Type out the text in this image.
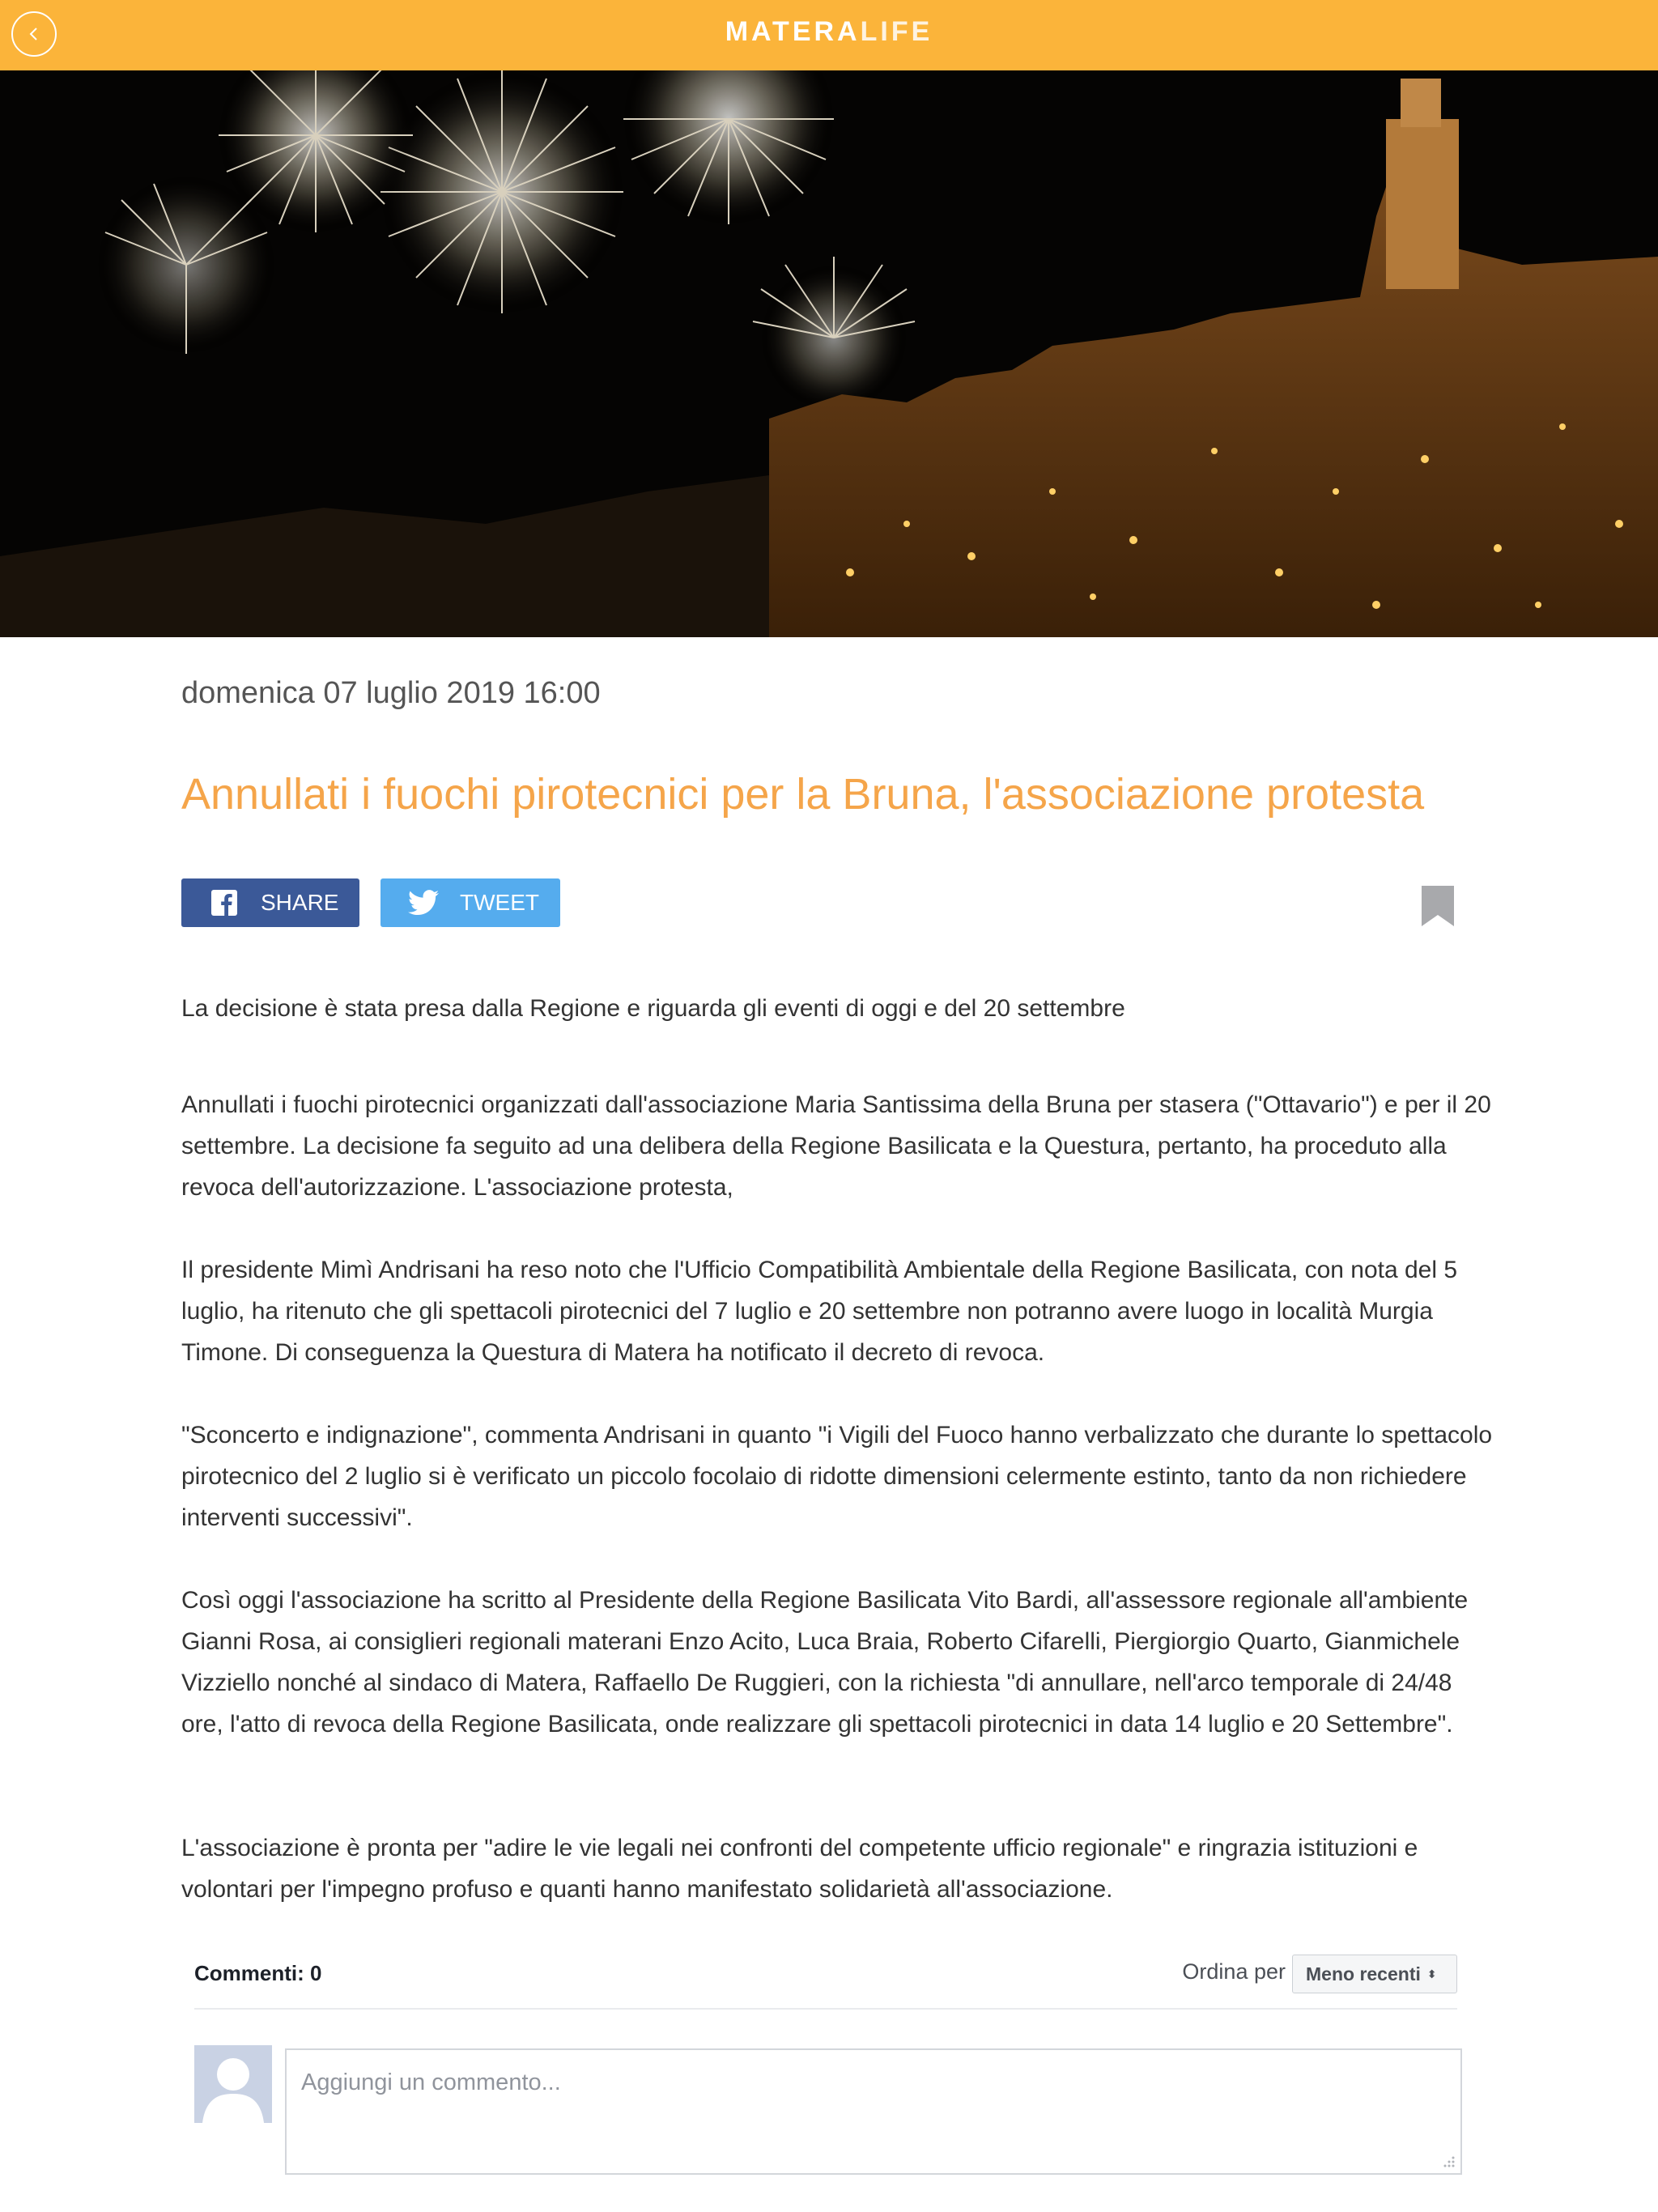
MATERALIFE
domenica 07 luglio 2019 16:00
Annullati i fuochi pirotecnici per la Bruna, l'associazione protesta
SHARE	TWEET

La decisione è stata presa dalla Regione e riguarda gli eventi di oggi e del 20 settembre

Annullati i fuochi pirotecnici organizzati dall'associazione Maria Santissima della Bruna per stasera ("Ottavario") e per il 20 settembre. La decisione fa seguito ad una delibera della Regione Basilicata e la Questura, pertanto, ha proceduto alla revoca dell'autorizzazione. L'associazione protesta,

Il presidente Mimì Andrisani ha reso noto che l'Ufficio Compatibilità Ambientale della Regione Basilicata, con nota del 5 luglio, ha ritenuto che gli spettacoli pirotecnici del 7 luglio e 20 settembre non potranno avere luogo in località Murgia Timone. Di conseguenza la Questura di Matera ha notificato il decreto di revoca.

"Sconcerto e indignazione", commenta Andrisani in quanto "i Vigili del Fuoco hanno verbalizzato che durante lo spettacolo pirotecnico del 2 luglio si è verificato un piccolo focolaio di ridotte dimensioni celermente estinto, tanto da non richiedere interventi successivi".

Così oggi l'associazione ha scritto al Presidente della Regione Basilicata Vito Bardi, all'assessore regionale all'ambiente Gianni Rosa, ai consiglieri regionali materani Enzo Acito, Luca Braia, Roberto Cifarelli, Piergiorgio Quarto, Gianmichele Vizziello nonché al sindaco di Matera, Raffaello De Ruggieri, con la richiesta "di annullare, nell'arco temporale di 24/48 ore, l'atto di revoca della Regione Basilicata, onde realizzare gli spettacoli pirotecnici in data 14 luglio e 20 Settembre".

L'associazione è pronta per "adire le vie legali nei confronti del competente ufficio regionale" e ringrazia istituzioni e volontari per l'impegno profuso e quanti hanno manifestato solidarietà all'associazione.

Commenti: 0	Ordina per Meno recenti ⬍
Aggiungi un commento...
